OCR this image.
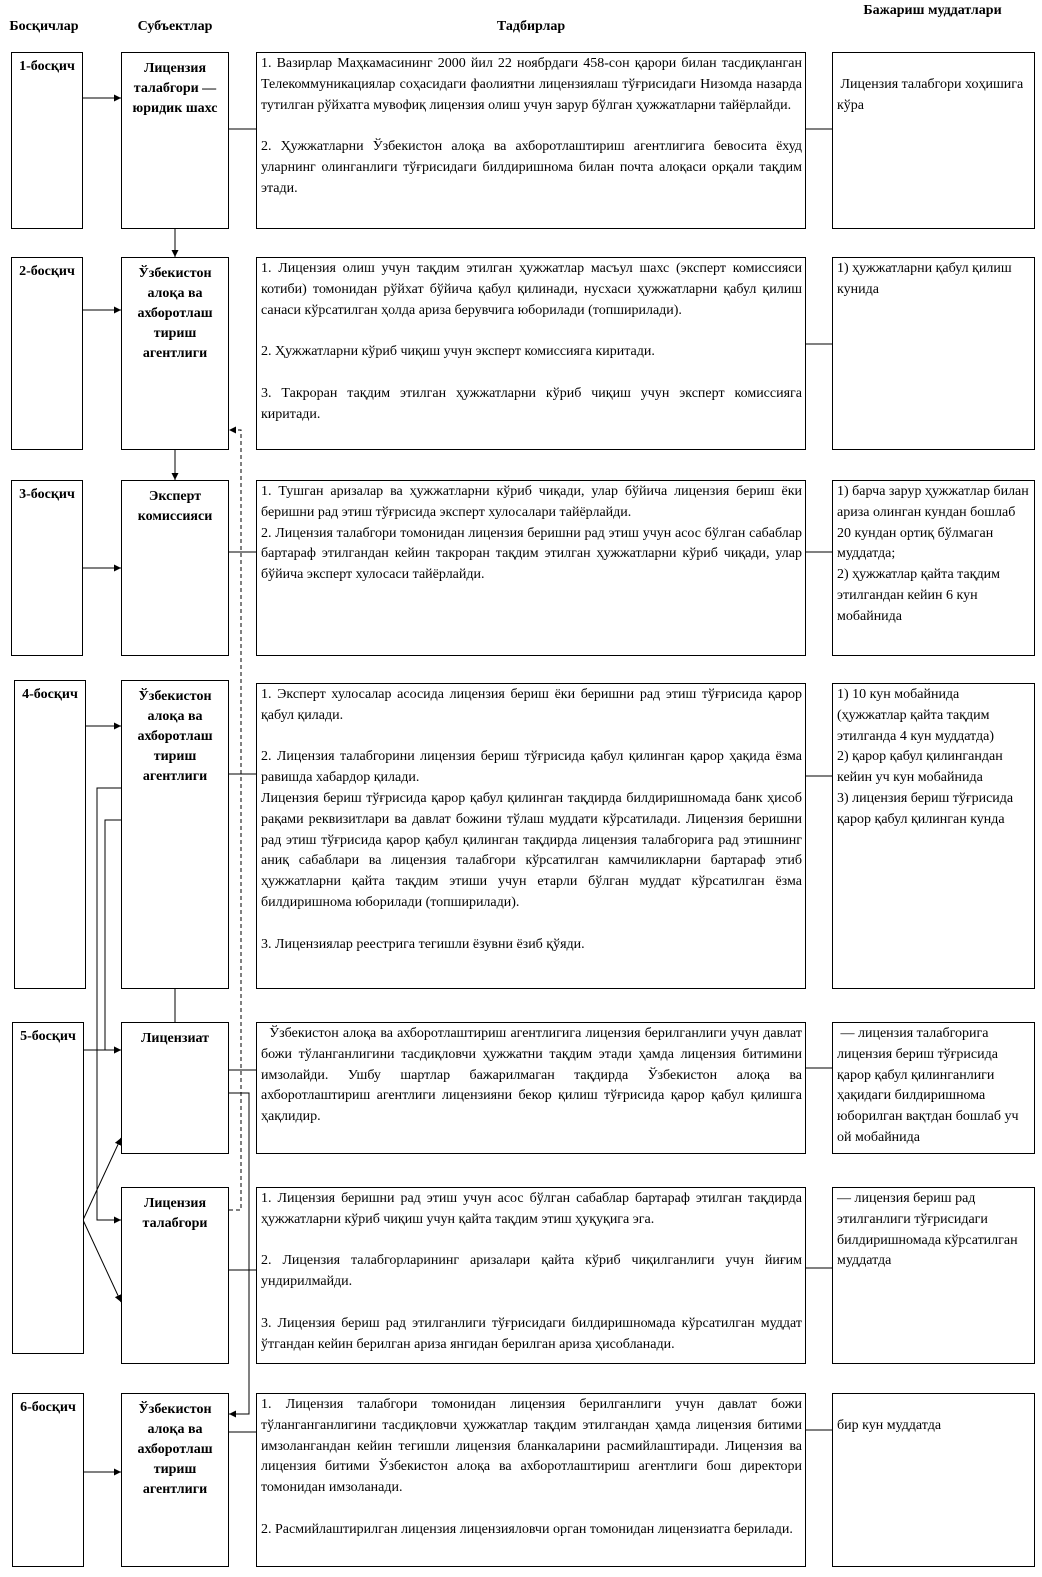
Босқичлар	Субъектлар	Тадбирлар
Бажариш муддатлари
1-босқич
2-босқич
3-босқич
4-босқич
5-босқич
6-босқич
Лицензия талабгори — юридик шахс
Ўзбекистон алоқа ва ахборотлаш тириш агентлиги
Эксперт комиссияси
Ўзбекистон алоқа ва ахборотлаш тириш агентлиги
Лицензиат
Лицензия талабгори
Ўзбекистон алоқа ва ахборотлаш тириш агентлиги

1. Вазирлар Маҳкамасининг 2000 йил 22 ноябрдаги 458-сон қарори билан тасдиқланган Телекоммуникациялар соҳасидаги фаолиятни лицензиялаш тўғрисидаги Низомда назарда тутилган рўйхатга мувофиқ лицензия олиш учун зарур бўлган ҳужжатларни тайёрлайди.

2. Ҳужжатларни Ўзбекистон алоқа ва ахборотлаштириш агентлигига бевосита ёхуд уларнинг олинганлиги тўғрисидаги билдиришнома билан почта алоқаси орқали тақдим этади.

1. Лицензия олиш учун тақдим этилган ҳужжатлар масъул шахс (эксперт комиссияси котиби) томонидан рўйхат бўйича қабул қилинади, нусхаси ҳужжатларни қабул қилиш санаси кўрсатилган ҳолда ариза берувчига юборилади (топширилади).

2. Ҳужжатларни кўриб чиқиш учун эксперт комиссияга киритади.

3. Такроран тақдим этилган ҳужжатларни кўриб чиқиш учун эксперт комиссияга киритади.

1. Тушган аризалар ва ҳужжатларни кўриб чиқади, улар бўйича лицензия бериш ёки беришни рад этиш тўғрисида эксперт хулосалари тайёрлайди.

2. Лицензия талабгори томонидан лицензия беришни рад этиш учун асос бўлган сабаблар бартараф этилгандан кейин такроран тақдим этилган ҳужжатларни кўриб чиқади, улар бўйича эксперт хулосаси тайёрлайди.

1. Эксперт хулосалар асосида лицензия бериш ёки беришни рад этиш тўғрисида қарор қабул қилади.

2. Лицензия талабгорини лицензия бериш тўғрисида қабул қилинган қарор ҳақида ёзма равишда хабардор қилади.

Лицензия бериш тўғрисида қарор қабул қилинган тақдирда билдиришномада банк ҳисоб рақами реквизитлари ва давлат божини тўлаш муддати кўрсатилади. Лицензия беришни рад этиш тўғрисида қарор қабул қилинган тақдирда лицензия талабгорига рад этишнинг аниқ сабаблари ва лицензия талабгори кўрсатилган камчиликларни бартараф этиб ҳужжатларни қайта тақдим этиши учун етарли бўлган муддат кўрсатилган ёзма билдиришнома юборилади (топширилади).

3. Лицензиялар реестрига тегишли ёзувни ёзиб қўяди.

Ўзбекистон алоқа ва ахборотлаштириш агентлигига лицензия берилганлиги учун давлат божи тўланганлигини тасдиқловчи ҳужжатни тақдим этади ҳамда лицензия битимини имзолайди. Ушбу шартлар бажарилмаган тақдирда Ўзбекистон алоқа ва ахборотлаштириш агентлиги лицензияни бекор қилиш тўғрисида қарор қабул қилишга ҳақлидир.

1. Лицензия беришни рад этиш учун асос бўлган сабаблар бартараф этилган тақдирда ҳужжатларни кўриб чиқиш учун қайта тақдим этиш ҳуқуқига эга.

2. Лицензия талабгорларининг аризалари қайта кўриб чиқилганлиги учун йиғим ундирилмайди.

3. Лицензия бериш рад этилганлиги тўғрисидаги билдиришномада кўрсатилган муддат ўтгандан кейин берилган ариза янгидан берилган ариза ҳисобланади.

1. Лицензия талабгори томонидан лицензия берилганлиги учун давлат божи тўланганганлигини тасдиқловчи ҳужжатлар тақдим этилгандан ҳамда лицензия битими имзолангандан кейин тегишли лицензия бланкаларини расмийлаштиради. Лицензия ва лицензия битими Ўзбекистон алоқа ва ахборотлаштириш агентлиги бош директори томонидан имзоланади.

2. Расмийлаштирилган лицензия лицензияловчи орган томонидан лицензиатга берилади.

Лицензия талабгори хоҳишига кўра

1) ҳужжатларни қабул қилиш кунида

1) барча зарур ҳужжатлар билан ариза олинган кундан бошлаб 20 кундан ортиқ бўлмаган муддатда;

2) ҳужжатлар қайта тақдим этилгандан кейин 6 кун мобайнида

1) 10 кун мобайнида (ҳужжатлар қайта тақдим этилганда 4 кун муддатда)

2) қарор қабул қилингандан кейин уч кун мобайнида

3) лицензия бериш тўғрисида қарор қабул қилинган кунда

— лицензия талабгорига лицензия бериш тўғрисида қарор қабул қилинганлиги ҳақидаги билдиришнома юборилган вақтдан бошлаб уч ой мобайнида

— лицензия бериш рад этилганлиги тўғрисидаги билдиришномада кўрсатилган муддатда

бир кун муддатда
